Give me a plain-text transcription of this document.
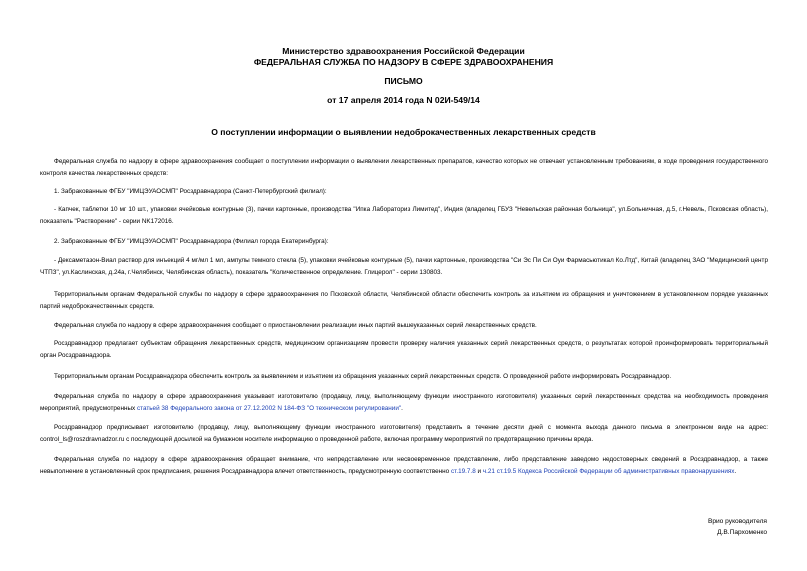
Министерство здравоохранения Российской Федерации
ФЕДЕРАЛЬНАЯ СЛУЖБА ПО НАДЗОРУ В СФЕРЕ ЗДРАВООХРАНЕНИЯ
ПИСЬМО
от 17 апреля 2014 года N 02И-549/14
О поступлении информации о выявлении недоброкачественных лекарственных средств

Федеральная служба по надзору в сфере здравоохранения сообщает о поступлении информации о выявлении лекарственных препаратов, качество которых не отвечает установленным требованиям, в ходе проведения государственного контроля качества лекарственных средств:

1. Забракованные ФГБУ "ИМЦЭУАОСМП" Росздравнадзора (Санкт-Петербургский филиал):

- Капчек, таблетки 10 мг 10 шт., упаковки ячейковые контурные (3), пачки картонные, производства "Ипка Лабораториз Лимитед", Индия (владелец ГБУЗ "Невельская районная больница", ул.Больничная, д.5, г.Невель, Псковская область), показатель "Растворение" - серии NK172016.

2. Забракованные ФГБУ "ИМЦЭУАОСМП" Росздравнадзора (Филиал города Екатеринбурга):

- Дексаметазон-Виал раствор для инъекций 4 мг/мл 1 мл, ампулы темного стекла (5), упаковки ячейковые контурные (5), пачки картонные, производства "Си Эс Пи Си Оуи Фармасьютикал Ко.Лтд", Китай (владелец ЗАО "Медицинский центр ЧТПЗ", ул.Каслинская, д.24а, г.Челябинск, Челябинская область), показатель "Количественное определение. Глицерол" - серии 130803.

Территориальным органам Федеральной службы по надзору в сфере здравоохранения по Псковской области, Челябинской области обеспечить контроль за изъятием из обращения и уничтожением в установленном порядке указанных партий недоброкачественных средств.

Федеральная служба по надзору в сфере здравоохранения сообщает о приостановлении реализации иных партий вышеуказанных серий лекарственных средств.

Росздравнадзор предлагает субъектам обращения лекарственных средств, медицинским организациям провести проверку наличия указанных серий лекарственных средств, о результатах которой проинформировать территориальный орган Росздравнадзора.

Территориальным органам Росздравнадзора обеспечить контроль за выявлением и изъятием из обращения указанных серий лекарственных средств. О проведенной работе информировать Росздравнадзор.

Федеральная служба по надзору в сфере здравоохранения указывает изготовителю (продавцу, лицу, выполняющему функции иностранного изготовителя) указанных серий лекарственных средства на необходимость проведения мероприятий, предусмотренных статьей 38 Федерального закона от 27.12.2002 N 184-ФЗ "О техническом регулировании".

Росздравнадзор предписывает изготовителю (продавцу, лицу, выполняющему функции иностранного изготовителя) представить в течение десяти дней с момента выхода данного письма в электронном виде на адрес: control_ls@roszdravnadzor.ru с последующей досылкой на бумажном носителе информацию о проведенной работе, включая программу мероприятий по предотвращению причины вреда.

Федеральная служба по надзору в сфере здравоохранения обращает внимание, что непредставление или несвоевременное представление, либо представление заведомо недостоверных сведений в Росздравнадзор, а также невыполнение в установленный срок предписания, решения Росздравнадзора влечет ответственность, предусмотренную соответственно ст.19.7.8 и ч.21 ст.19.5 Кодекса Российской Федерации об административных правонарушениях.

Врио руководителя
Д.В.Пархоменко
